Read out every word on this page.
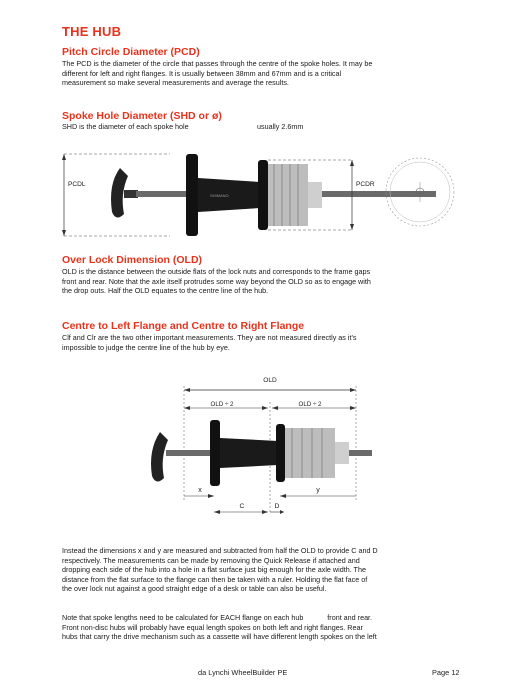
THE HUB
Pitch Circle Diameter (PCD)
The PCD is the diameter of the circle that passes through the centre of the spoke holes. It may be
different for left and right flanges. It is usually between 38mm and 67mm and is a critical
measurement so make several measurements and average the results.
Spoke Hole Diameter (SHD or ø)
SHD is the diameter of each spoke hole	usually 2.6mm
PCDL
SHIMANO
PCDR
Over Lock Dimension (OLD)
OLD is the distance between the outside flats of the lock nuts and corresponds to the frame gaps
front and rear. Note that the axle itself protrudes some way beyond the OLD so as to engage with
the drop outs. Half the OLD equates to the centre line of the hub.
Centre to Left Flange and Centre to Right Flange
Clf and Clr are the two other important measurements. They are not measured directly as it's
impossible to judge the centre line of the hub by eye.
OLD
OLD ÷ 2	OLD ÷ 2
x	y
C	D
Instead the dimensions x and y are measured and subtracted from half the OLD to provide C and D
respectively. The measurements can be made by removing the Quick Release if attached and
dropping each side of the hub into a hole in a flat surface just big enough for the axle width. The
distance from the flat surface to the flange can then be taken with a ruler. Holding the flat face of
the over lock nut against a good straight edge of a desk or table can also be useful.
Note that spoke lengths need to be calculated for EACH flange on each hub            front and rear.
Front non-disc hubs will probably have equal length spokes on both left and right flanges. Rear
hubs that carry the drive mechanism such as a cassette will have different length spokes on the left
da Lynchi WheelBuilder PE	Page 12
